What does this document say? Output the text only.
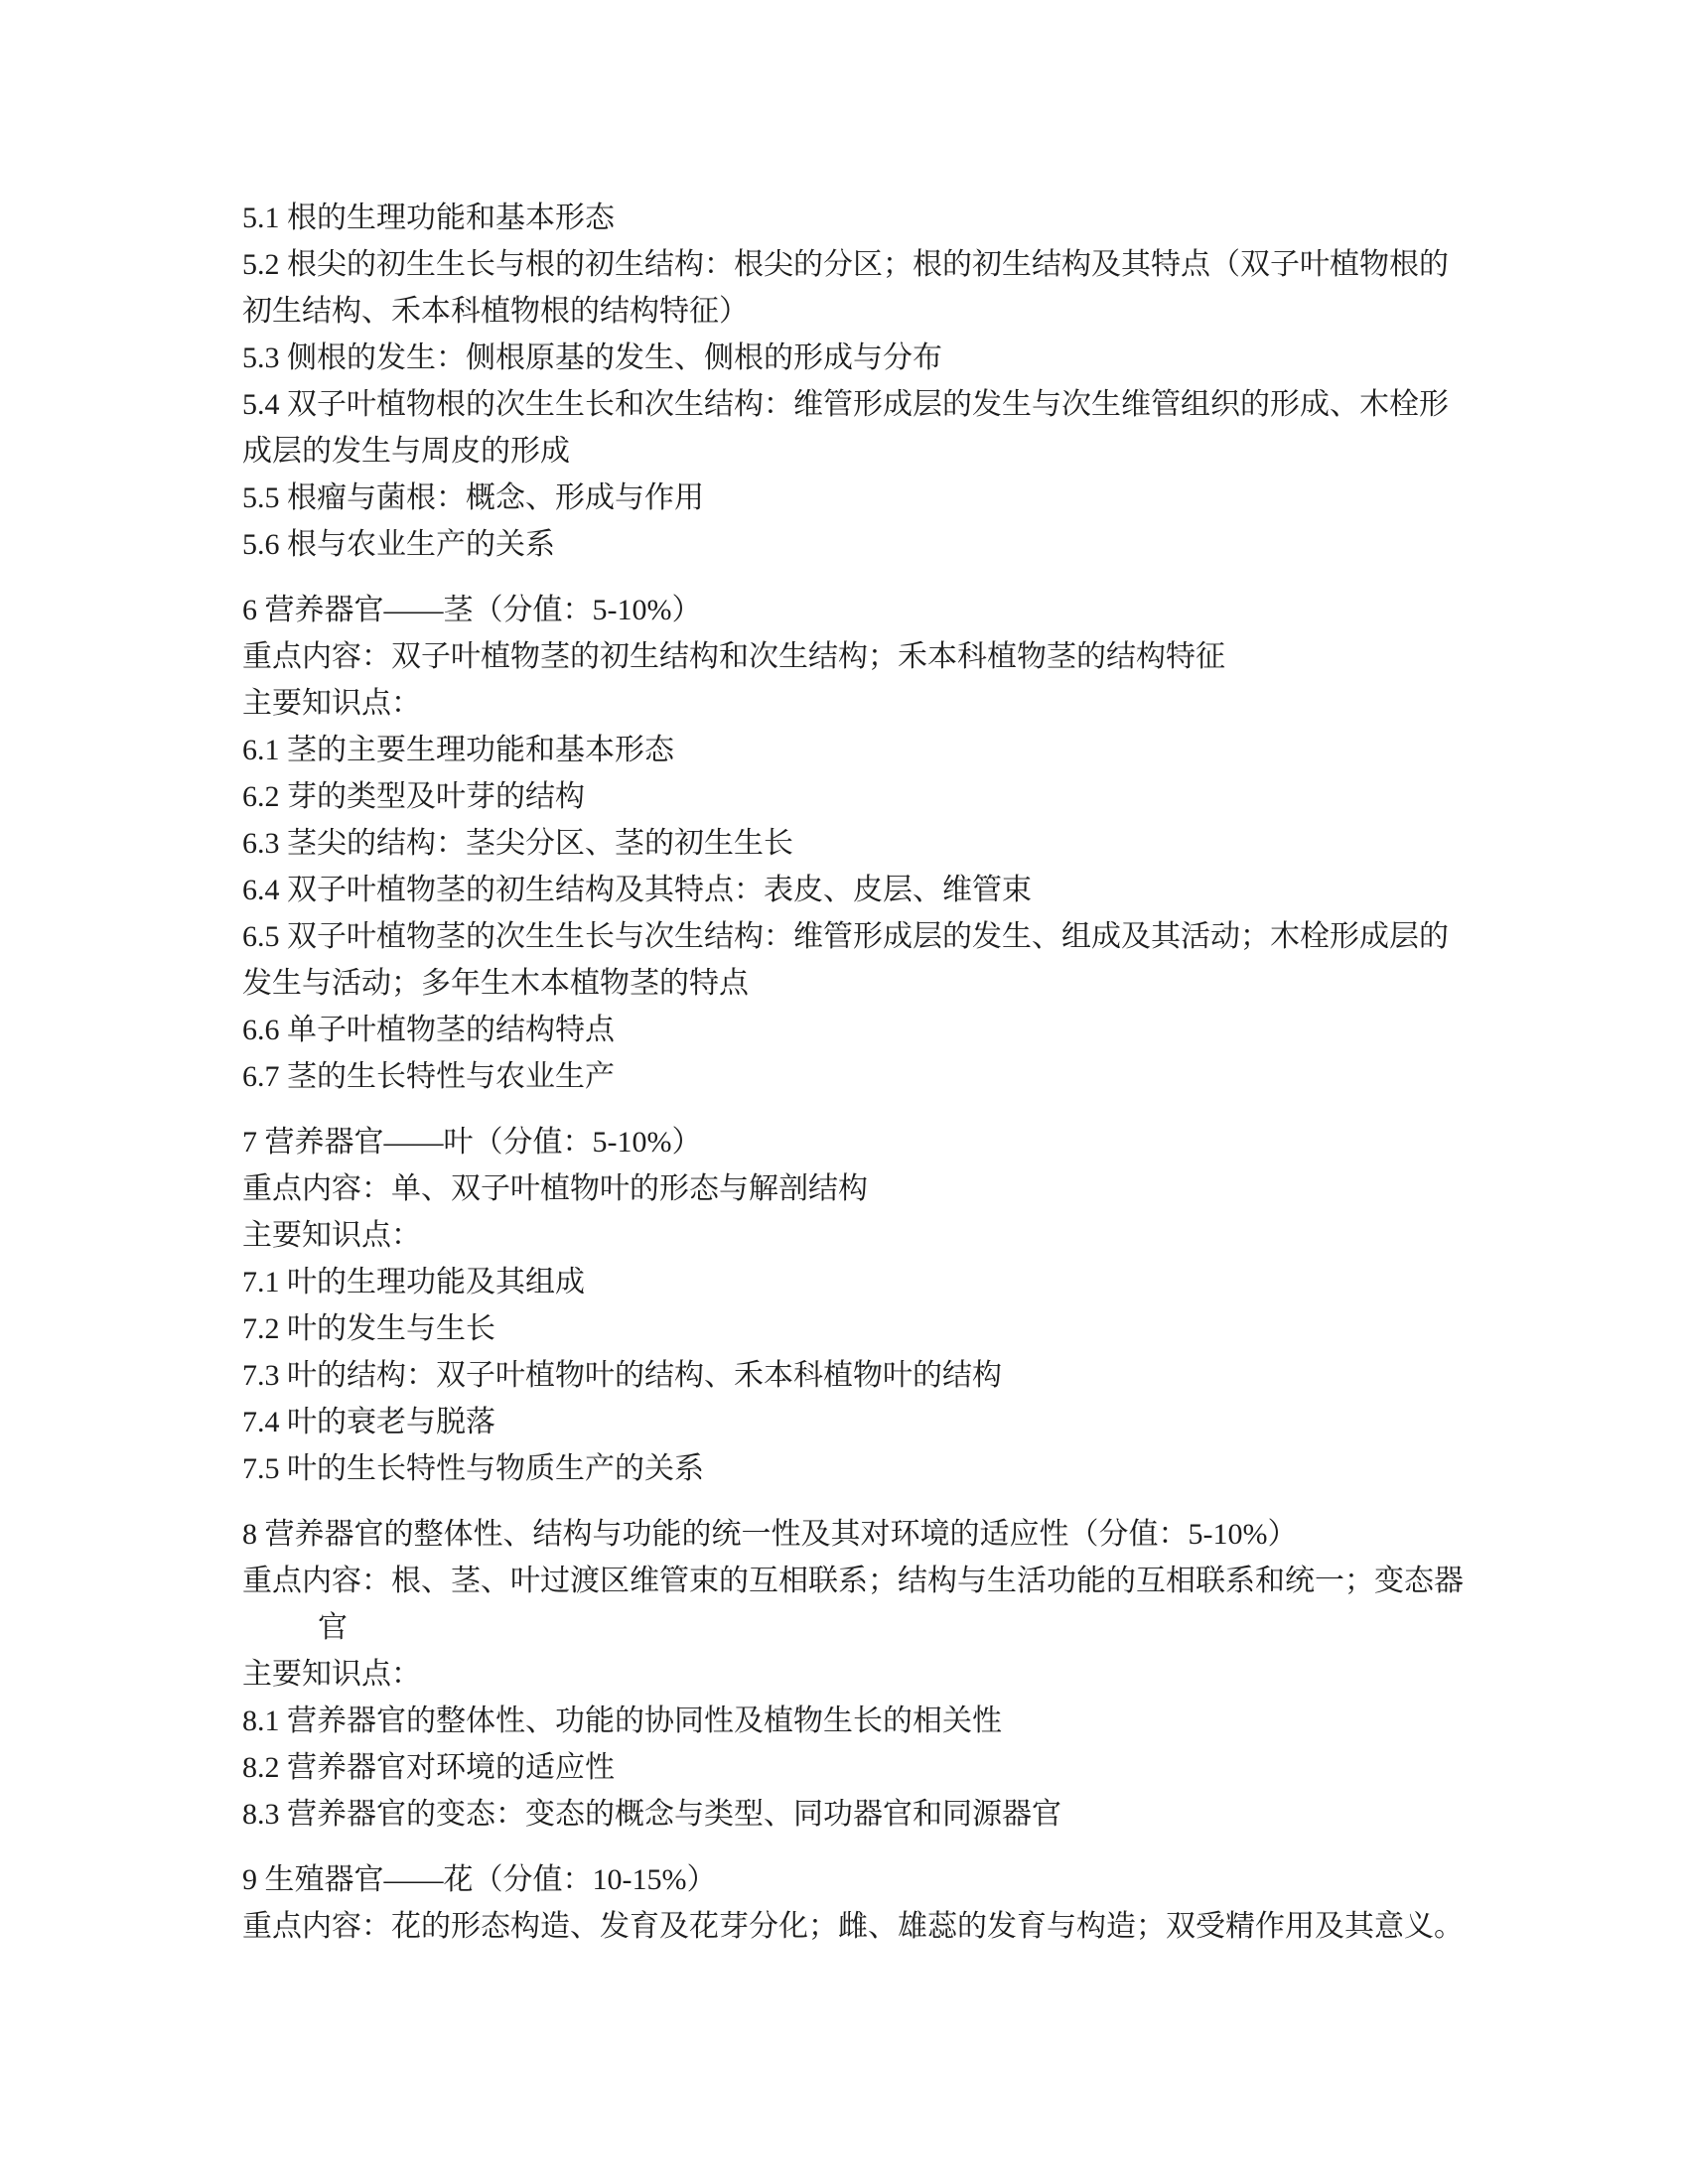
5.1 根的生理功能和基本形态
5.2 根尖的初生生长与根的初生结构：根尖的分区；根的初生结构及其特点（双子叶植物根的
初生结构、禾本科植物根的结构特征）
5.3 侧根的发生：侧根原基的发生、侧根的形成与分布
5.4 双子叶植物根的次生生长和次生结构：维管形成层的发生与次生维管组织的形成、木栓形
成层的发生与周皮的形成
5.5 根瘤与菌根：概念、形成与作用
5.6 根与农业生产的关系
6 营养器官——茎（分值：5-10%）
重点内容：双子叶植物茎的初生结构和次生结构；禾本科植物茎的结构特征
主要知识点：
6.1 茎的主要生理功能和基本形态
6.2 芽的类型及叶芽的结构
6.3 茎尖的结构：茎尖分区、茎的初生生长
6.4 双子叶植物茎的初生结构及其特点：表皮、皮层、维管束
6.5 双子叶植物茎的次生生长与次生结构：维管形成层的发生、组成及其活动；木栓形成层的
发生与活动；多年生木本植物茎的特点
6.6 单子叶植物茎的结构特点
6.7 茎的生长特性与农业生产
7 营养器官——叶（分值：5-10%）
重点内容：单、双子叶植物叶的形态与解剖结构
主要知识点：
7.1 叶的生理功能及其组成
7.2 叶的发生与生长
7.3 叶的结构：双子叶植物叶的结构、禾本科植物叶的结构
7.4 叶的衰老与脱落
7.5 叶的生长特性与物质生产的关系
8 营养器官的整体性、结构与功能的统一性及其对环境的适应性（分值：5-10%）
重点内容：根、茎、叶过渡区维管束的互相联系；结构与生活功能的互相联系和统一；变态器
官
主要知识点：
8.1 营养器官的整体性、功能的协同性及植物生长的相关性
8.2 营养器官对环境的适应性
8.3 营养器官的变态：变态的概念与类型、同功器官和同源器官
9 生殖器官——花（分值：10-15%）
重点内容：花的形态构造、发育及花芽分化；雌、雄蕊的发育与构造；双受精作用及其意义。
